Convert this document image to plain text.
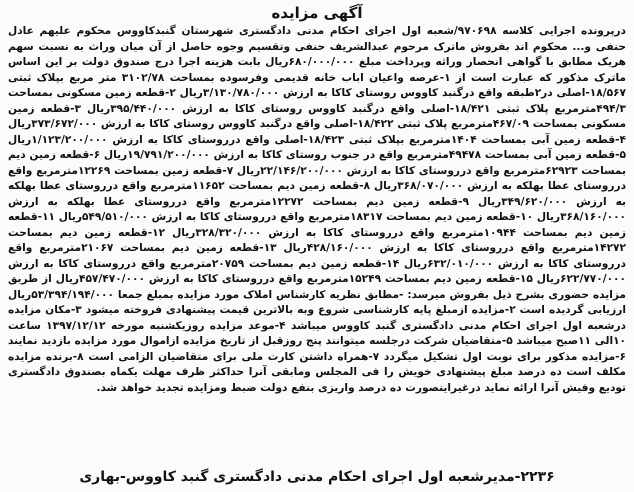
آگهی مزایده

درپرونده اجرایی کلاسه ۹۷۰۶۹۸/شعبه اول اجرای احکام مدنی دادگستری شهرستان گنبدکاووس محکوم علیهم عادل حنفی و... محکوم اند بفروش ماترک مرحوم عبدالشریف حنفی وتقسیم وجوه حاصل از آن میان وراث به نسبت سهم هریک مطابق با گواهی انحصار وراثه وپرداخت مبلغ ۶۸۰/۰۰۰/۰۰۰ریال بابت هزینه اجرا درج صندوق دولت بر این اساس ماترک مذکور که عبارت است از ۱-عرصه واعیان اباب خانه قدیمی وفرسوده بمساحت ۳۱۰۲/۷۸ متر مربع بپلاک ثبتی ۱۸/۵۶۷-اصلی در۲طبقه واقع درگنبد کاووس روستای کاکا به ارزش ۳/۱۳۰/۷۸۰/۰۰۰ریال ۲-قطعه زمین مسکونی بمساحت ۴۹۴/۳مترمربع پلاک ثبتی ۱۸/۴۲۱-اصلی واقع درگنبد کاووس روستای کاکا به ارزش ۳۹۵/۴۴۰/۰۰۰ریال ۳-قطعه زمین مسکونی بمساحت ۴۶۷/۰۹مترمربع پلاک ثبتی ۱۸/۴۲۲-اصلی واقع درگنبد کاووس روستای کاکا به ارزش ۳۷۳/۶۷۲/۰۰۰ریال ۴-قطعه زمین آبی بمساحت ۱۴۰۴مترمربع بپلاک ثبتی ۱۸/۴۲۳-اصلی واقع درروستای کاکا به ارزش ۱/۱۲۳/۲۰۰/۰۰۰ریال ۵-قطعه زمین آبی بمساحت ۴۹۴۷۸مترمربع واقع در جنوب روستای کاکا به ارزش ۱۹/۷۹۱/۲۰۰/۰۰۰ریال ۶-قطعه زمین دیم بمساحت ۶۲۹۲۳مترمربع واقع درروستای کاکا به ارزش ۲۲/۱۴۶/۲۰۰/۰۰۰ریال ۷-قطعه زمین بمساحت ۱۲۲۶۹مترمربع واقع درروستای عطا بهلکه به ارزش ۳۶۸/۰۷۰/۰۰۰ریال ۸-قطعه زمین دیم بمساحت ۱۱۶۵۲مترمربع واقع درروستای عطا بهلکه به ارزش ۳۴۹/۶۲۰/۰۰۰ریال ۹-قطعه زمین دیم بمساحت ۱۲۲۷۲مترمربع واقع درروستای عطا بهلکه به ارزش ۳۶۸/۱۶۰/۰۰۰ریال ۱۰-قطعه زمین دیم بمساحت ۱۸۳۱۷مترمربع واقع درروستای کاکا به ارزش ۵۴۹/۵۱۰/۰۰۰ریال ۱۱-قطعه زمین دیم بمساحت ۱۰۹۴۴مترمربع واقع درروستای کاکا به ارزش ۳۲۸/۳۲۰/۰۰۰ریال ۱۲-قطعه زمین دیم بمساحت ۱۴۲۷۲مترمربع واقع درروستای کاکا به ارزش ۴۲۸/۱۶۰/۰۰۰ریال ۱۳-قطعه زمین دیم بمساحت ۲۱۰۶۷مترمربع واقع درروستای کاکا به ارزش ۶۳۲/۰۱۰/۰۰۰ریال ۱۴-قطعه زمین دیم بمساحت ۲۰۷۵۹مترمربع واقع درروستای کاکا به ارزش ۶۲۲/۷۷۰/۰۰۰ریال ۱۵-قطعه زمین دیم بمساحت ۱۵۲۴۹مترمربع واقع درروستای کاکا به ارزش ۴۵۷/۴۷۰/۰۰۰ریال از طریق مزایده حضوری بشرح ذیل بفروش میرسد: -مطابق نظریه کارشناس املاک مورد مزایده بمبلغ جمعا ۵۳/۳۹۴/۱۹۴/۰۰۰ریال ارزیابی گردیده است ۲-مزایده ازمبلغ پایه کارشناسی شروع وبه بالاترین قیمت پیشنهادی فروخته میشود ۳-مکان مزایده درشعبه اول اجرای احکام مدنی دادگستری گنبد کاووس میباشد ۴-موعد مزایده روزیکشنبه مورخه ۱۳۹۷/۱۲/۱۲ ساعت ۱۰الی ۱۱صبح میباشد ۵-متقاضیان شرکت درجلسه میتوانند پنج روزقبل از تاریخ مزایده ازاموال مورد مزایده بازدید نمایند ۶-مزایده مذکور برای نوبت اول تشکیل میگردد ۷-همراه داشتن کارت ملی برای متقاضیان الزامی است ۸-برنده مزایده مکلف است ده درصد مبلغ پیشنهادی خویش را فی المجلس ومابقی آنرا حداکثر ظرف مهلت یکماه بصندوق دادگستری تودیع وفیش آنرا ارائه نماید درغیراینصورت ده درصد واریزی بنفع دولت ضبط ومزایده تجدید خواهد شد.

۲۲۳۶-مدیرشعبه اول اجرای احکام مدنی دادگستری گنبد کاووس-بهاری
